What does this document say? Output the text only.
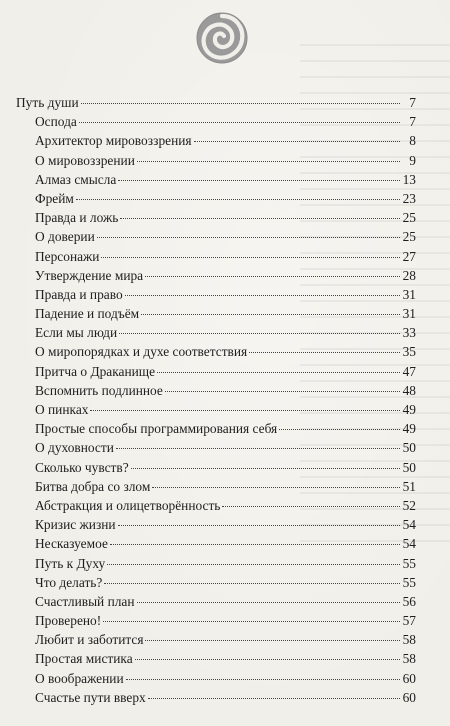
Путь души	7
Осподa	7
Архитектор мировоззрения	8
О мировоззрении	9
Алмаз смысла	13
Фрейм	23
Правда и ложь	25
О доверии	25
Персонажи	27
Утверждение мира	28
Правда и право	31
Падение и подъём	31
Если мы люди	33
О миропорядках и духе соответствия	35
Притча о Драканище	47
Вспомнить подлинное	48
О пинках	49
Простые способы программирования себя	49
О духовности	50
Сколько чувств?	50
Битва добра со злом	51
Абстракция и олицетворённость	52
Кризис жизни	54
Несказуемое	54
Путь к Духу	55
Что делать?	55
Счастливый план	56
Проверено!	57
Любит и заботится	58
Простая мистика	58
О воображении	60
Счастье пути вверх	60
